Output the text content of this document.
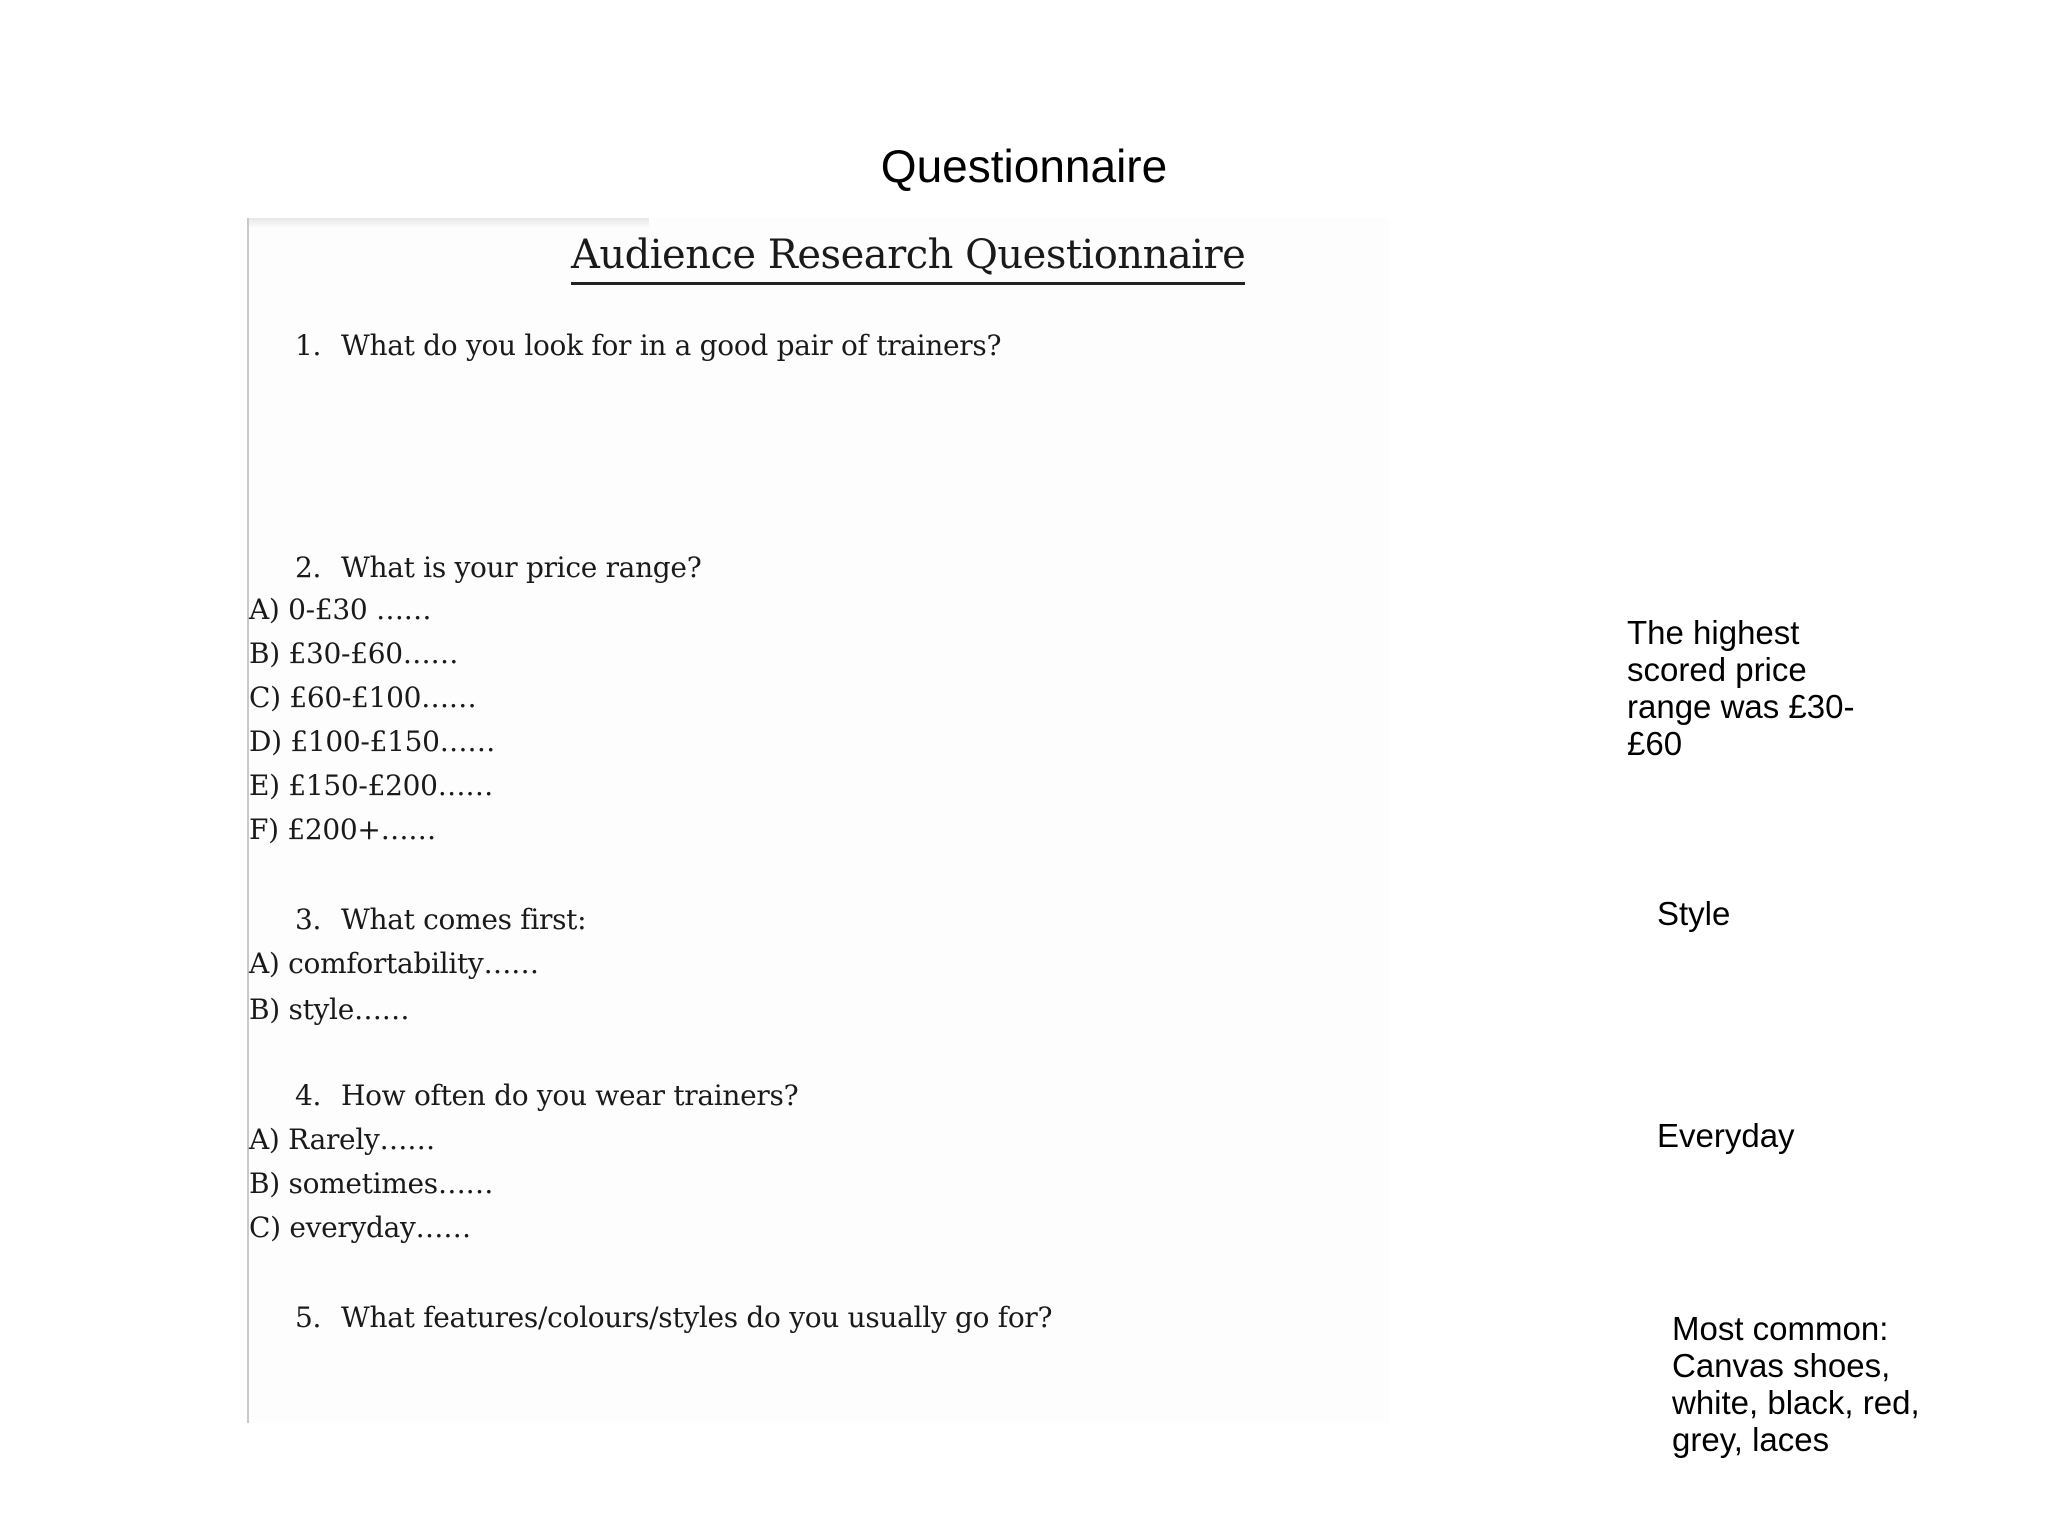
Questionnaire
Audience Research Questionnaire
1. What do you look for in a good pair of trainers?
2. What is your price range?
A) 0-£30 ……
B) £30-£60……
C) £60-£100……
D) £100-£150……
E) £150-£200……
F) £200+……
3. What comes first:
A) comfortability……
B) style……
4. How often do you wear trainers?
A) Rarely……
B) sometimes……
C) everyday……
5. What features/colours/styles do you usually go for?
The highest
scored price
range was £30-
£60
Style
Everyday
Most common:
Canvas shoes,
white, black, red,
grey, laces
